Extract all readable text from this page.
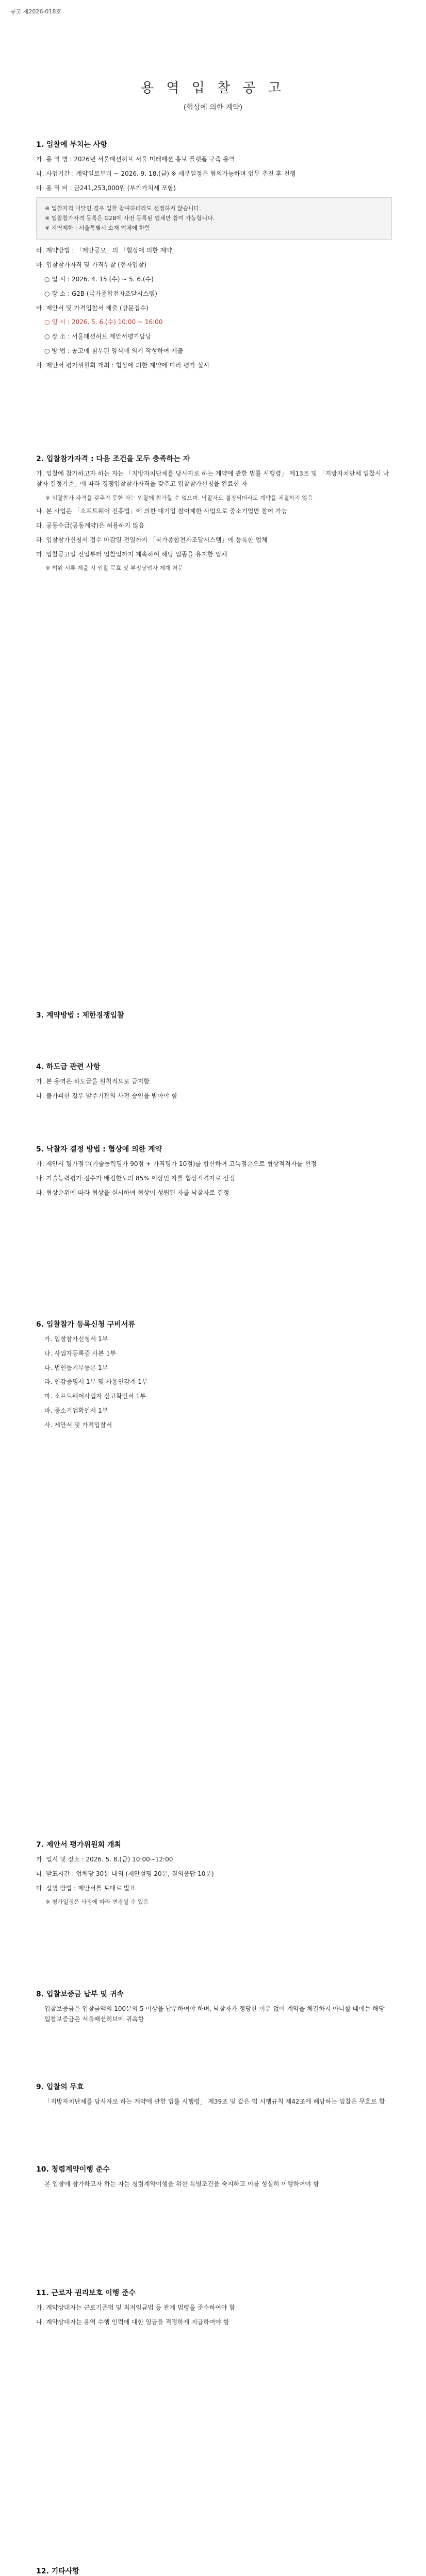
공고 제2026-018호
용 역 입 찰 공 고
(협상에 의한 계약)
1. 입찰에 부치는 사항
가. 용 역 명 : 2026년 서울패션허브 서울 미래패션 홍보 플랫폼 구축 용역
나. 사업기간 : 계약일로부터 ~ 2026. 9. 18.(금) ※ 세부일정은 협의가능하며 업무 추진 후 진행
다. 용 역 비 : 금241,253,000원 (부가가치세 포함)
※ 입찰자격 미달인 경우 입찰 참여하더라도 선정하지 않습니다.
※ 입찰참가자격 등록은 G2B에 사전 등록된 업체만 참여 가능합니다.
※ 지역제한 : 서울특별시 소재 업체에 한함
라. 계약방법 : 「제안공모」의 「협상에 의한 계약」
마. 입찰참가자격 및 가격투찰 (전자입찰)
○ 일 시 : 2026. 4. 15.(수) ~ 5. 6.(수)
○ 장 소 : G2B (국가종합전자조달시스템)
바. 제안서 및 가격입찰서 제출 (방문접수)
○ 일 시 : 2026. 5. 6.(수) 10:00 ~ 16:00
○ 장 소 : 서울패션허브 제안서평가담당
○ 방 법 : 공고에 첨부된 양식에 의거 작성하여 제출
사. 제안서 평가위원회 개최 : 협상에 의한 계약에 따라 평가 실시
2. 입찰참가자격 : 다음 조건을 모두 충족하는 자
가. 입찰에 참가하고자 하는 자는 「지방자치단체를 당사자로 하는 계약에 관한 법률 시행령」 제13조 및 「지방자치단체 입찰시 낙찰자 결정기준」에 따라 경쟁입찰참가자격을 갖추고 입찰참가신청을 완료한 자
※ 입찰참가 자격을 갖추지 못한 자는 입찰에 참가할 수 없으며, 낙찰자로 결정되더라도 계약을 체결하지 않음
나. 본 사업은 「소프트웨어 진흥법」에 의한 대기업 참여제한 사업으로 중소기업만 참여 가능
다. 공동수급(공동계약)은 허용하지 않음
라. 입찰참가신청서 접수 마감일 전일까지 「국가종합전자조달시스템」에 등록한 업체
마. 입찰공고일 전일부터 입찰일까지 계속하여 해당 업종을 유지한 업체
※ 허위 서류 제출 시 입찰 무효 및 부정당업자 제재 처분
3. 계약방법 : 제한경쟁입찰
4. 하도급 관련 사항
가. 본 용역은 하도급을 원칙적으로 금지함
나. 불가피한 경우 발주기관의 사전 승인을 받아야 함
5. 낙찰자 결정 방법 : 협상에 의한 계약
가. 제안서 평가점수(기술능력평가 90점 + 가격평가 10점)를 합산하여 고득점순으로 협상적격자를 선정
나. 기술능력평가 점수가 배점한도의 85% 이상인 자를 협상적격자로 선정
다. 협상순위에 따라 협상을 실시하여 협상이 성립된 자를 낙찰자로 결정
6. 입찰참가 등록신청 구비서류
가. 입찰참가신청서 1부
나. 사업자등록증 사본 1부
다. 법인등기부등본 1부
라. 인감증명서 1부 및 사용인감계 1부
마. 소프트웨어사업자 신고확인서 1부
바. 중소기업확인서 1부
사. 제안서 및 가격입찰서
7. 제안서 평가위원회 개최
가. 일시 및 장소 : 2026. 5. 8.(금) 10:00~12:00
나. 발표시간 : 업체당 30분 내외 (제안설명 20분, 질의응답 10분)
다. 설명 방법 : 제안서를 토대로 발표
※ 평가일정은 사정에 따라 변경될 수 있음
8. 입찰보증금 납부 및 귀속
입찰보증금은 입찰금액의 100분의 5 이상을 납부하여야 하며, 낙찰자가 정당한 이유 없이 계약을 체결하지 아니할 때에는 해당 입찰보증금은 서울패션허브에 귀속함
9. 입찰의 무효
「지방자치단체를 당사자로 하는 계약에 관한 법률 시행령」 제39조 및 같은 법 시행규칙 제42조에 해당하는 입찰은 무효로 함
10. 청렴계약이행 준수
본 입찰에 참가하고자 하는 자는 청렴계약이행을 위한 특별조건을 숙지하고 이를 성실히 이행하여야 함
11. 근로자 권리보호 이행 준수
가. 계약상대자는 근로기준법 및 최저임금법 등 관계 법령을 준수하여야 함
나. 계약상대자는 용역 수행 인력에 대한 임금을 적정하게 지급하여야 함
12. 기타사항
